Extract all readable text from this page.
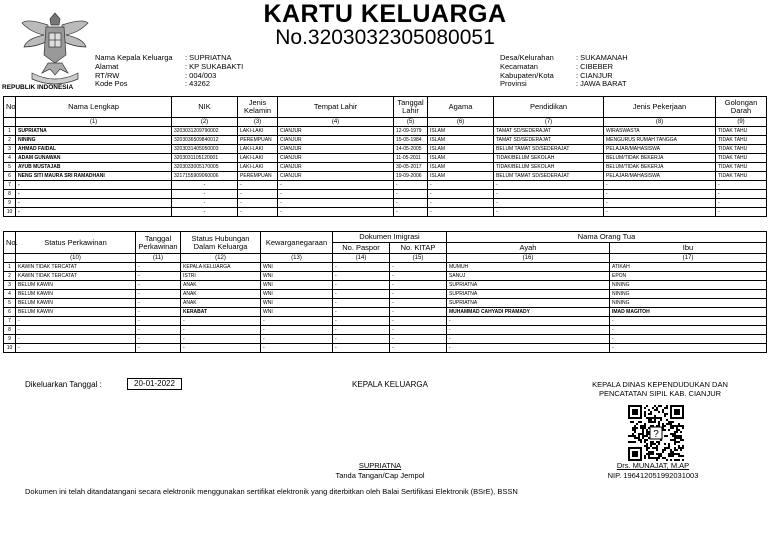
REPUBLIK INDONESIA
KARTU KELUARGA
No.3203032305080051
Nama Kepala Keluarga	: SUPRIATNA
Alamat	: KP SUKABAKTI
RT/RW	: 004/003
Kode Pos	: 43262
Desa/Kelurahan	: SUKAMANAH
Kecamatan	: CIBEBER
Kabupaten/Kota	: CIANJUR
Provinsi	: JAWA BARAT
No	Nama Lengkap	NIK	Jenis Kelamin	Tempat Lahir	Tanggal Lahir	Agama	Pendidikan	Jenis Pekerjaan	Golongan Darah
	(1)	(2)	(3)	(4)	(5)	(6)	(7)	(8)	(9)
1	SUPRIATNA	3203031209790002	LAKI-LAKI	CIANJUR	12-09-1979	ISLAM	TAMAT SD/SEDERAJAT	WIRASWASTA	TIDAK TAHU
2	NINING	3203036509840012	PEREMPUAN	CIANJUR	15-05-1984	ISLAM	TAMAT SD/SEDERAJAT	MENGURUS RUMAH TANGGA	TIDAK TAHU
3	AHMAD FAIDAL	3203031405050003	LAKI-LAKI	CIANJUR	14-05-2005	ISLAM	BELUM TAMAT SD/SEDERAJAT	PELAJAR/MAHASISWA	TIDAK TAHU
4	ADAM GUNAWAN	3203031105120001	LAKI-LAKI	CIANJUR	11-05-2011	ISLAM	TIDAK/BELUM SEKOLAH	BELUM/TIDAK BEKERJA	TIDAK TAHU
5	AYUB MUSTAJAB	3203033005170005	LAKI-LAKI	CIANJUR	30-05-2017	ISLAM	TIDAK/BELUM SEKOLAH	BELUM/TIDAK BEKERJA	TIDAK TAHU
6	NENG SITI MAURA SRI RAMADHANI	3217155909060006	PEREMPUAN	CIANJUR	19-09-2006	ISLAM	BELUM TAMAT SD/SEDERAJAT	PELAJAR/MAHASISWA	TIDAK TAHU
7	-	-	-	-	-	-	-	-	-
8	-	-	-	-	-	-	-	-	-
9	-	-	-	-	-	-	-	-	-
10	-	-	-	-	-	-	-	-	-
No.	Status Perkawinan	Tanggal Perkawinan	Status Hubungan Dalam Keluarga	Kewarganegaraan	Dokumen Imigrasi		Nama Orang Tua	
					No. Paspor	No. KITAP	Ayah	Ibu
	(10)	(11)	(12)	(13)	(14)	(15)	(16)	(17)
1	KAWIN TIDAK TERCATAT	-	KEPALA KELUARGA	WNI	-	-	MUMUH	ATIKAH
2	KAWIN TIDAK TERCATAT	-	ISTRI	WNI	-	-	SANUJ	EPON
3	BELUM KAWIN	-	ANAK	WNI	-	-	SUPRIATNA	NINING
4	BELUM KAWIN	-	ANAK	WNI	-	-	SUPRIATNA	NINING
5	BELUM KAWIN	-	ANAK	WNI	-	-	SUPRIATNA	NINING
6	BELUM KAWIN	-	KERABAT	WNI	-	-	MUHAMMAD CAHYADI PRAMADY	IMAD MAGITOH
7	-	-	-	-	-	-	-	-
8	-	-	-	-	-	-	-	-
9	-	-	-	-	-	-	-	-
10	-	-	-	-	-	-	-	-
Dikeluarkan Tanggal :	20-01-2022	KEPALA KELUARGA	KEPALA DINAS KEPENDUDUKAN DAN
PENCATATAN SIPIL KAB. CIANJUR
?
SUPRIATNA
Tanda Tangan/Cap Jempol
Drs. MUNAJAT, M.AP
NIP. 196412051992031003
Dokumen ini telah ditandatangani secara elektronik menggunakan sertifikat elektronik yang diterbitkan oleh Balai Sertifikasi Elektronik (BSrE), BSSN
